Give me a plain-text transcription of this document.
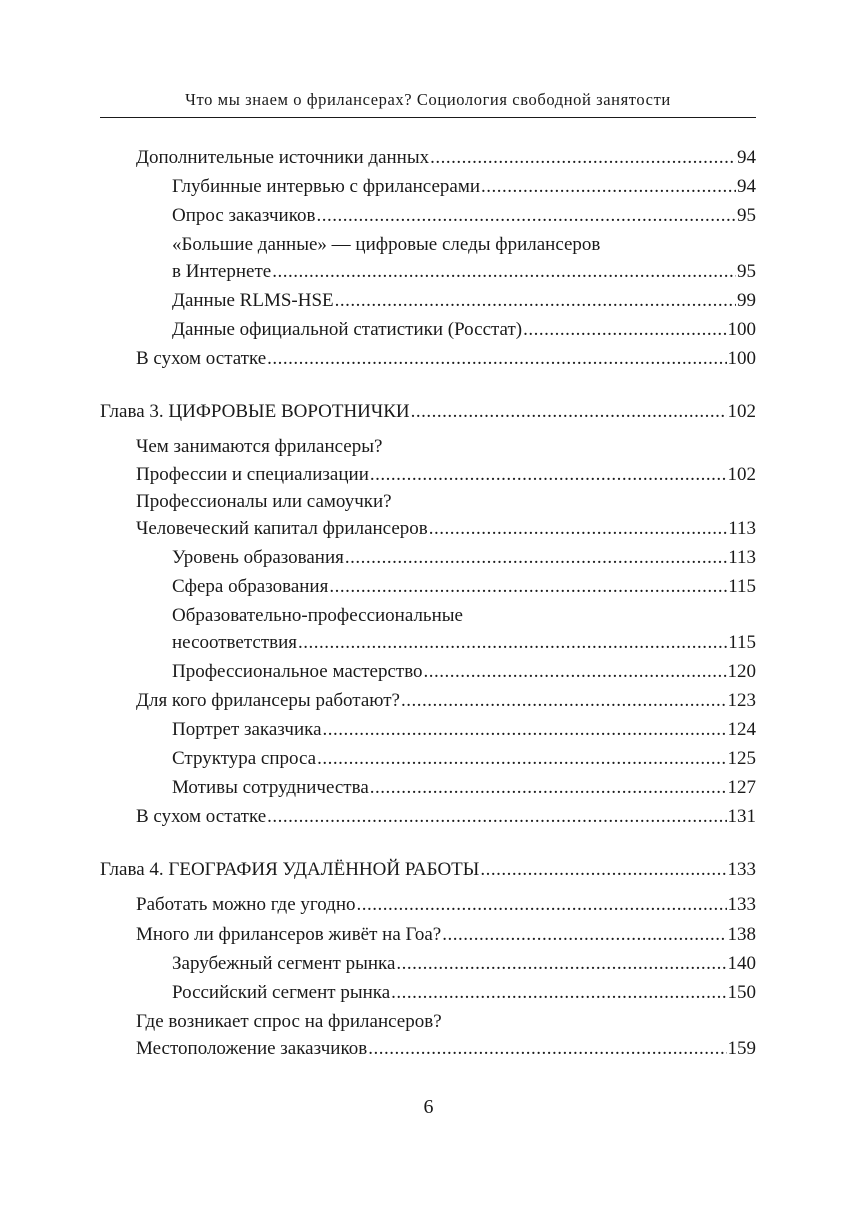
Что мы знаем о фрилансерах? Социология свободной занятости
Дополнительные источники данных .....	94
Глубинные интервью с фрилансерами .....	94
Опрос заказчиков .....	95
«Большие данные» — цифровые следы фрилансеров
в Интернете .....	95
Данные RLMS-HSE .....	99
Данные официальной статистики (Росстат) .....	100
В сухом остатке .....	100
Глава 3. ЦИФРОВЫЕ ВОРОТНИЧКИ .....	102
Чем занимаются фрилансеры?
Профессии и специализации .....	102
Профессионалы или самоучки?
Человеческий капитал фрилансеров .....	113
Уровень образования .....	113
Сфера образования .....	115
Образовательно-профессиональные
несоответствия .....	115
Профессиональное мастерство .....	120
Для кого фрилансеры работают? .....	123
Портрет заказчика .....	124
Структура спроса .....	125
Мотивы сотрудничества .....	127
В сухом остатке .....	131
Глава 4. ГЕОГРАФИЯ УДАЛЁННОЙ РАБОТЫ .....	133
Работать можно где угодно .....	133
Много ли фрилансеров живёт на Гоа? .....	138
Зарубежный сегмент рынка .....	140
Российский сегмент рынка .....	150
Где возникает спрос на фрилансеров?
Местоположение заказчиков .....	159
6
